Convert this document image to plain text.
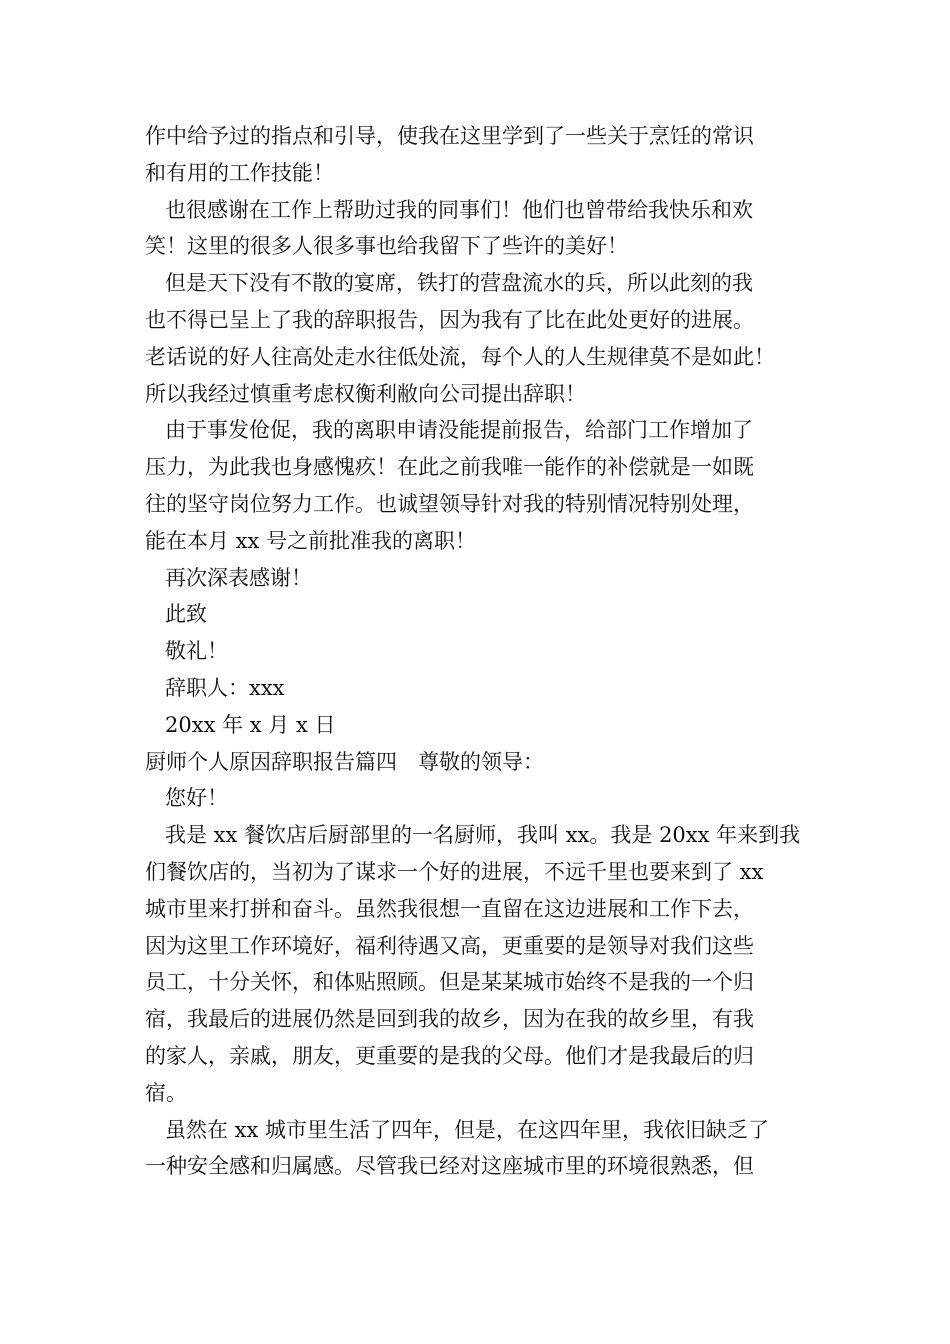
作中给予过的指点和引导，使我在这里学到了一些关于烹饪的常识
和有用的工作技能！
也很感谢在工作上帮助过我的同事们！他们也曾带给我快乐和欢
笑！这里的很多人很多事也给我留下了些许的美好！
但是天下没有不散的宴席，铁打的营盘流水的兵，所以此刻的我
也不得已呈上了我的辞职报告，因为我有了比在此处更好的进展。
老话说的好人往高处走水往低处流，每个人的人生规律莫不是如此！
所以我经过慎重考虑权衡利敝向公司提出辞职！
由于事发伧促，我的离职申请没能提前报告，给部门工作增加了
压力，为此我也身感愧疚！在此之前我唯一能作的补偿就是一如既
往的坚守岗位努力工作。也诚望领导针对我的特别情况特别处理，
能在本月 xx 号之前批准我的离职！
再次深表感谢！
此致
敬礼！
辞职人：xxx
20xx 年 x 月 x 日
厨师个人原因辞职报告篇四　尊敬的领导：
您好！
我是 xx 餐饮店后厨部里的一名厨师，我叫 xx。我是 20xx 年来到我
们餐饮店的，当初为了谋求一个好的进展，不远千里也要来到了 xx
城市里来打拼和奋斗。虽然我很想一直留在这边进展和工作下去，
因为这里工作环境好，福利待遇又高，更重要的是领导对我们这些
员工，十分关怀，和体贴照顾。但是某某城市始终不是我的一个归
宿，我最后的进展仍然是回到我的故乡，因为在我的故乡里，有我
的家人，亲戚，朋友，更重要的是我的父母。他们才是我最后的归
宿。
虽然在 xx 城市里生活了四年，但是，在这四年里，我依旧缺乏了
一种安全感和归属感。尽管我已经对这座城市里的环境很熟悉，但
